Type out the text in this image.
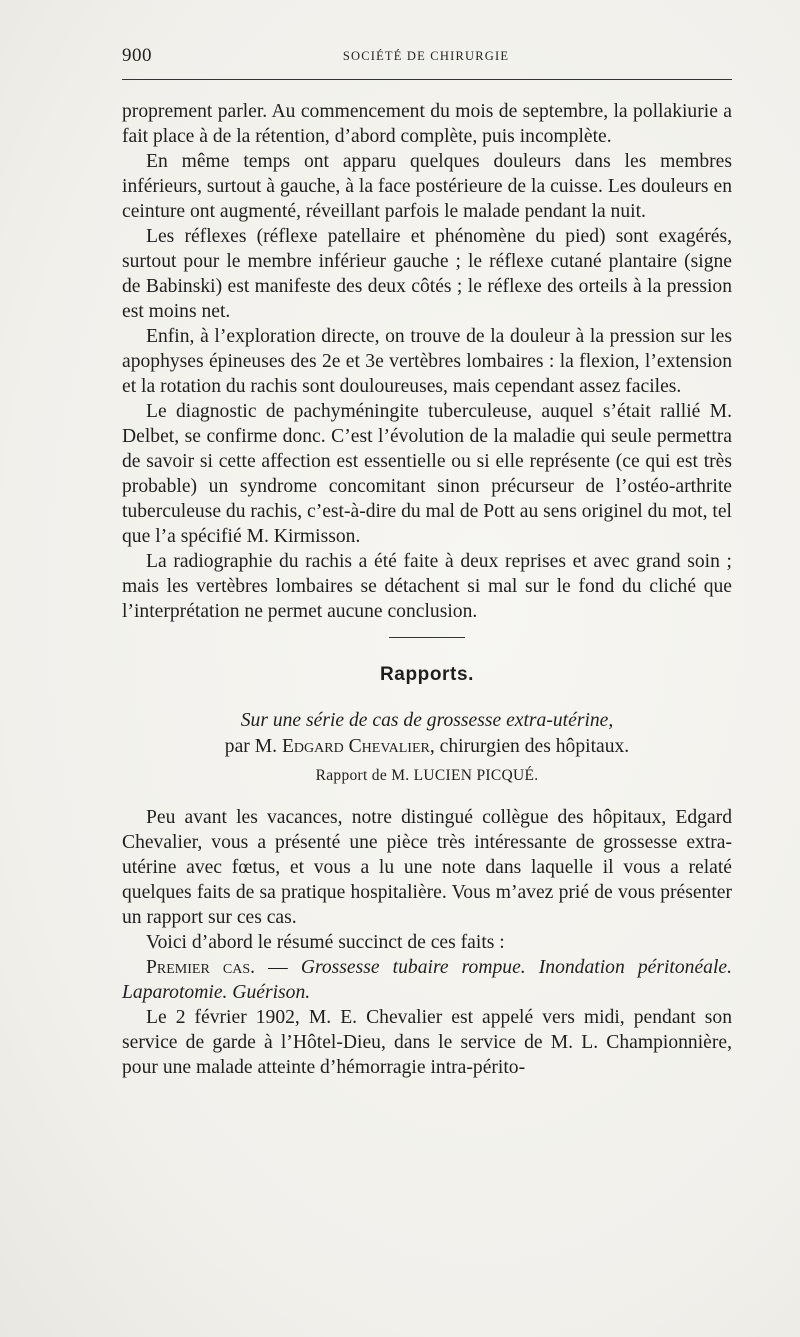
900	SOCIÉTÉ DE CHIRURGIE

proprement parler. Au commencement du mois de septembre, la pollakiurie a fait place à de la rétention, d’abord complète, puis incomplète.

En même temps ont apparu quelques douleurs dans les membres inférieurs, surtout à gauche, à la face postérieure de la cuisse. Les douleurs en ceinture ont augmenté, réveillant parfois le malade pendant la nuit.

Les réflexes (réflexe patellaire et phénomène du pied) sont exagérés, surtout pour le membre inférieur gauche ; le réflexe cutané plantaire (signe de Babinski) est manifeste des deux côtés ; le réflexe des orteils à la pression est moins net.

Enfin, à l’exploration directe, on trouve de la douleur à la pression sur les apophyses épineuses des 2e et 3e vertèbres lombaires : la flexion, l’extension et la rotation du rachis sont douloureuses, mais cependant assez faciles.

Le diagnostic de pachyméningite tuberculeuse, auquel s’était rallié M. Delbet, se confirme donc. C’est l’évolution de la maladie qui seule permettra de savoir si cette affection est essentielle ou si elle représente (ce qui est très probable) un syndrome concomitant sinon précurseur de l’ostéo-arthrite tuberculeuse du rachis, c’est-à-dire du mal de Pott au sens originel du mot, tel que l’a spécifié M. Kirmisson.

La radiographie du rachis a été faite à deux reprises et avec grand soin ; mais les vertèbres lombaires se détachent si mal sur le fond du cliché que l’interprétation ne permet aucune conclusion.

Rapports.
Sur une série de cas de grossesse extra-utérine,
par M. Edgard Chevalier, chirurgien des hôpitaux.
Rapport de M. LUCIEN PICQUÉ.

Peu avant les vacances, notre distingué collègue des hôpitaux, Edgard Chevalier, vous a présenté une pièce très intéressante de grossesse extra-utérine avec fœtus, et vous a lu une note dans laquelle il vous a relaté quelques faits de sa pratique hospitalière. Vous m’avez prié de vous présenter un rapport sur ces cas.

Voici d’abord le résumé succinct de ces faits :

Premier cas. — Grossesse tubaire rompue. Inondation péritonéale. Laparotomie. Guérison.

Le 2 février 1902, M. E. Chevalier est appelé vers midi, pendant son service de garde à l’Hôtel-Dieu, dans le service de M. L. Championnière, pour une malade atteinte d’hémorragie intra-périto-
